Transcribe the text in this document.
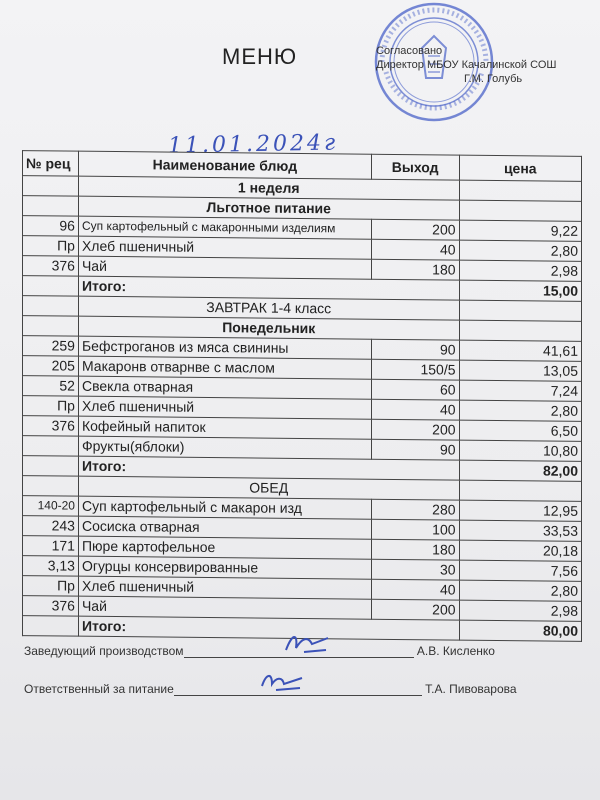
МЕНЮ	Согласовано
Директор МБОУ Качалинской СОШ
Г.М. Голубь
11.01.2024г
№ рец	Наименование блюд	Выход	цена
	1 неделя		
	Льготное питание		
96	Суп картофельный с макаронными изделиям	200	9,22
Пр	Хлеб пшеничный	40	2,80
376	Чай	180	2,98
	Итого:		15,00
	ЗАВТРАК 1-4 класс		
	Понедельник		
259	Бефстроганов из мяса свинины	90	41,61
205	Макаронв отварнве с маслом	150/5	13,05
52	Свекла отварная	60	7,24
Пр	Хлеб пшеничный	40	2,80
376	Кофейный напиток	200	6,50
	Фрукты(яблоки)	90	10,80
	Итого:		82,00
	ОБЕД		
140-20	Суп картофельный с макарон изд	280	12,95
243	Сосиска отварная	100	33,53
171	Пюре картофельное	180	20,18
3,13	Огурцы консервированные	30	7,56
Пр	Хлеб пшеничный	40	2,80
376	Чай	200	2,98
	Итого:		80,00
Заведующий производством	А.В. Кисленко
Ответственный за питание	Т.А. Пивоварова
